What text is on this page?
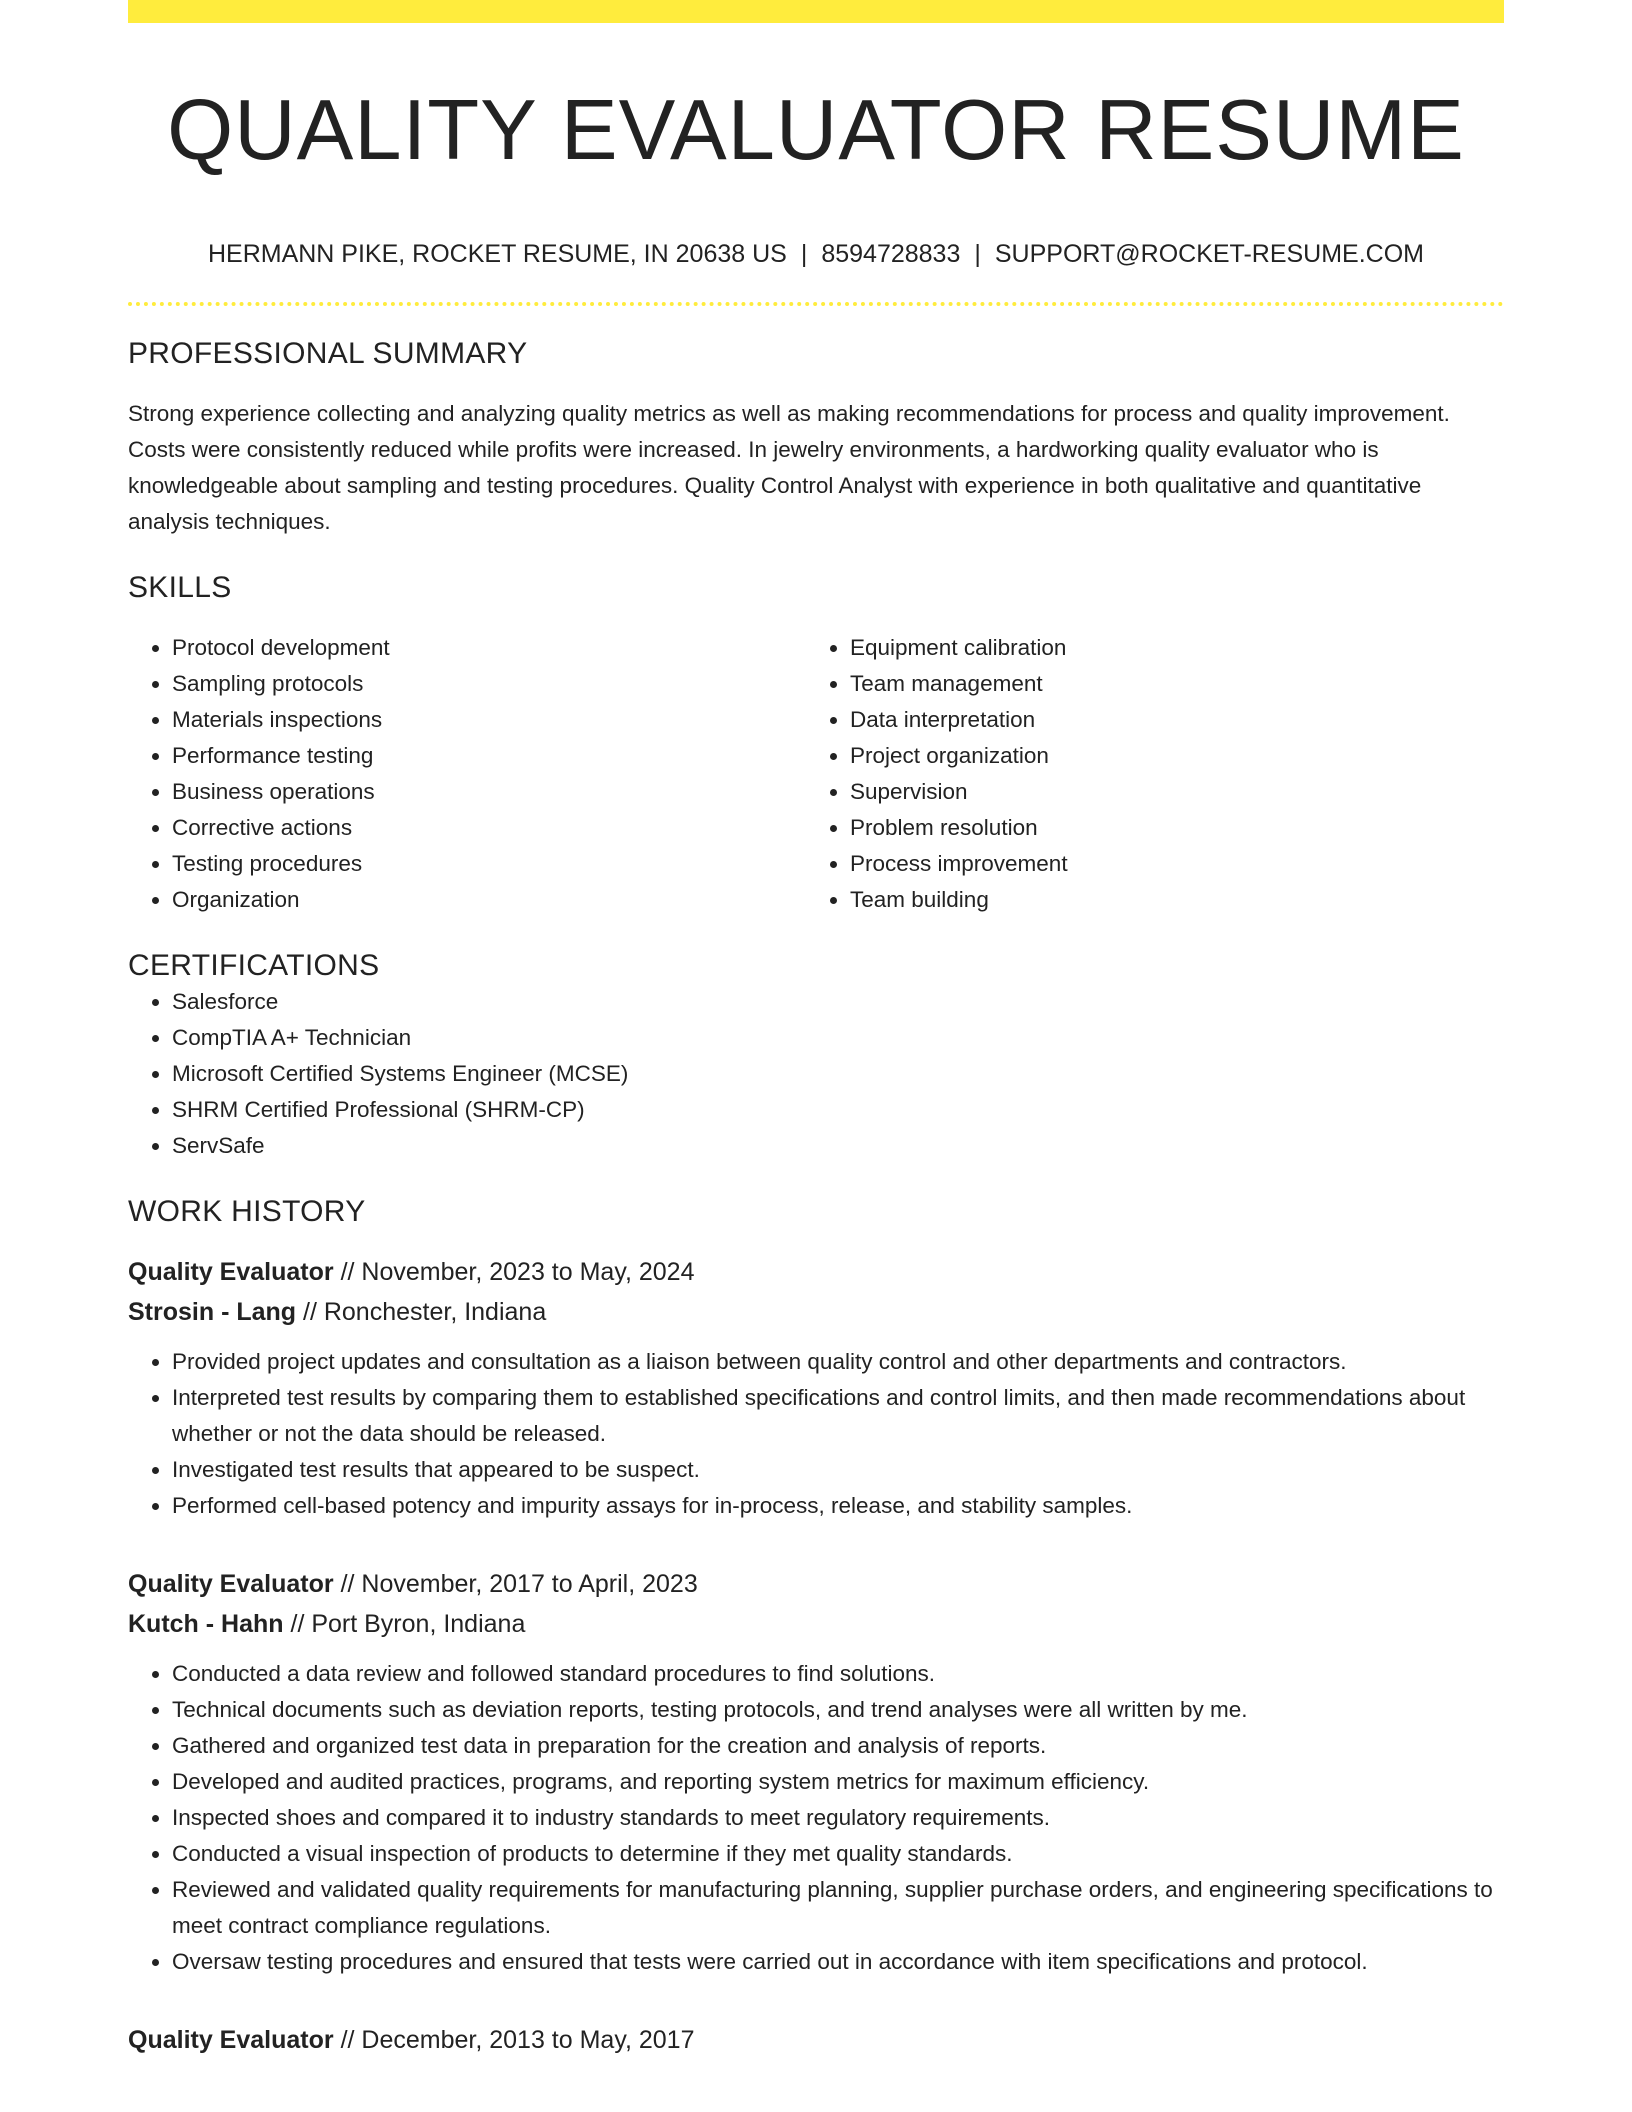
QUALITY EVALUATOR RESUME
HERMANN PIKE, ROCKET RESUME, IN 20638 US | 8594728833 | SUPPORT@ROCKET-RESUME.COM
PROFESSIONAL SUMMARY
Strong experience collecting and analyzing quality metrics as well as making recommendations for process and quality improvement. Costs were consistently reduced while profits were increased. In jewelry environments, a hardworking quality evaluator who is knowledgeable about sampling and testing procedures. Quality Control Analyst with experience in both qualitative and quantitative analysis techniques.
SKILLS
• Protocol development
• Sampling protocols
• Materials inspections
• Performance testing
• Business operations
• Corrective actions
• Testing procedures
• Organization
• Equipment calibration
• Team management
• Data interpretation
• Project organization
• Supervision
• Problem resolution
• Process improvement
• Team building
CERTIFICATIONS
• Salesforce
• CompTIA A+ Technician
• Microsoft Certified Systems Engineer (MCSE)
• SHRM Certified Professional (SHRM-CP)
• ServSafe
WORK HISTORY
Quality Evaluator // November, 2023 to May, 2024
Strosin - Lang // Ronchester, Indiana
• Provided project updates and consultation as a liaison between quality control and other departments and contractors.
• Interpreted test results by comparing them to established specifications and control limits, and then made recommendations about whether or not the data should be released.
• Investigated test results that appeared to be suspect.
• Performed cell-based potency and impurity assays for in-process, release, and stability samples.
Quality Evaluator // November, 2017 to April, 2023
Kutch - Hahn // Port Byron, Indiana
• Conducted a data review and followed standard procedures to find solutions.
• Technical documents such as deviation reports, testing protocols, and trend analyses were all written by me.
• Gathered and organized test data in preparation for the creation and analysis of reports.
• Developed and audited practices, programs, and reporting system metrics for maximum efficiency.
• Inspected shoes and compared it to industry standards to meet regulatory requirements.
• Conducted a visual inspection of products to determine if they met quality standards.
• Reviewed and validated quality requirements for manufacturing planning, supplier purchase orders, and engineering specifications to meet contract compliance regulations.
• Oversaw testing procedures and ensured that tests were carried out in accordance with item specifications and protocol.
Quality Evaluator // December, 2013 to May, 2017
